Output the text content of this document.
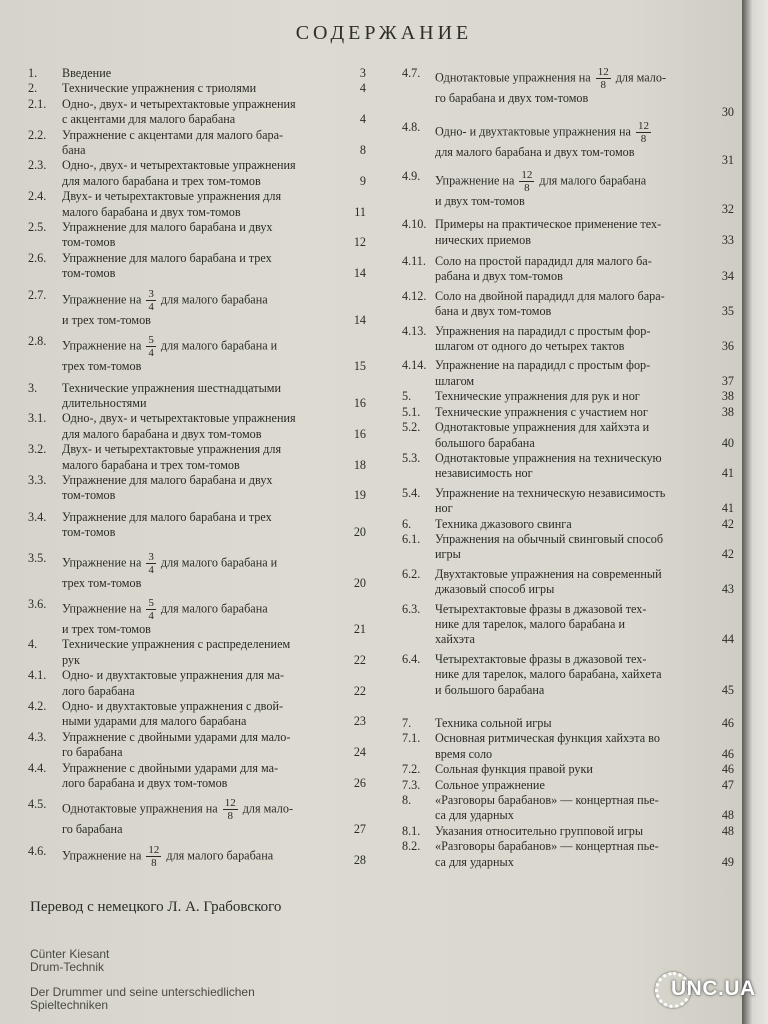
СОДЕРЖАНИЕ
1. Введение	3
2. Технические упражнения с триолями	4
2.1. Одно-, двух- и четырехтактовые упражнения
с акцентами для малого барабана	4
2.2. Упражнение с акцентами для малого бара-
бана	8
2.3. Одно-, двух- и четырехтактовые упражнения
для малого барабана и трех том-томов	9
2.4. Двух- и четырехтактовые упражнения для
малого барабана и двух том-томов	11
2.5. Упражнение для малого барабана и двух
том-томов	12
2.6. Упражнение для малого барабана и трех
том-томов	14
2.7. Упражнение на $\frac{3}{4}$ для малого барабана
и трех том-томов	14
2.8. Упражнение на $\frac{5}{4}$ для малого барабана и
трех том-томов	15
3. Технические упражнения шестнадцатыми
длительностями	16
3.1. Одно-, двух- и четырехтактовые упражнения
для малого барабана и двух том-томов	16
3.2. Двух- и четырехтактовые упражнения для
малого барабана и трех том-томов	18
3.3. Упражнение для малого барабана и двух
том-томов	19
3.4. Упражнение для малого барабана и трех
том-томов	20
3.5. Упражнение на $\frac{3}{4}$ для малого барабана и
трех том-томов	20
3.6. Упражнение на $\frac{5}{4}$ для малого барабана
и трех том-томов	21
4. Технические упражнения с распределением
рук	22
4.1. Одно- и двухтактовые упражнения для ма-
лого барабана	22
4.2. Одно- и двухтактовые упражнения с двой-
ными ударами для малого барабана	23
4.3. Упражнение с двойными ударами для мало-
го барабана	24
4.4. Упражнение с двойными ударами для ма-
лого барабана и двух том-томов	26
4.5. Однотактовые упражнения на $\frac{12}{8}$ для мало-
го барабана	27
4.6. Упражнение на $\frac{12}{8}$ для малого барабана	28
4.7. Однотактовые упражнения на $\frac{12}{8}$ для мало-
го барабана и двух том-томов
30
4.8. Одно- и двухтактовые упражнения на $\frac{12}{8}$
для малого барабана и двух том-томов
31
4.9. Упражнение на $\frac{12}{8}$ для малого барабана
и двух том-томов
32
4.10. Примеры на практическое применение тех-
нических приемов	33
4.11. Соло на простой парадидл для малого ба-
рабана и двух том-томов	34
4.12. Соло на двойной парадидл для малого бара-
бана и двух том-томов	35
4.13. Упражнения на парадидл с простым фор-
шлагом от одного до четырех тактов	36
4.14. Упражнение на парадидл с простым фор-
шлагом	37
5. Технические упражнения для рук и ног	38
5.1. Технические упражнения с участием ног	38
5.2. Однотактовые упражнения для хайхэта и
большого барабана	40
5.3. Однотактовые упражнения на техническую
независимость ног	41
5.4. Упражнение на техническую независимость
ног	41
6. Техника джазового свинга	42
6.1. Упражнения на обычный свинговый способ
игры	42
6.2. Двухтактовые упражнения на современный
джазовый способ игры	43
6.3. Четырехтактовые фразы в джазовой тех-
нике для тарелок, малого барабана и
хайхэта	44
6.4. Четырехтактовые фразы в джазовой тех-
нике для тарелок, малого барабана, хайхета
и большого барабана	45
7. Техника сольной игры	46
7.1. Основная ритмическая функция хайхэта во
время соло	46
7.2. Сольная функция правой руки	46
7.3. Сольное упражнение	47
8. «Разговоры барабанов» — концертная пье-
са для ударных	48
8.1. Указания относительно групповой игры	48
8.2. «Разговоры барабанов» — концертная пье-
са для ударных	49
Перевод с немецкого Л. А. Грабовского
Cünter Kiesant
Drum-Technik
Der Drummer und seine unterschiedlichen
Spieltechniken
UNC.UA
